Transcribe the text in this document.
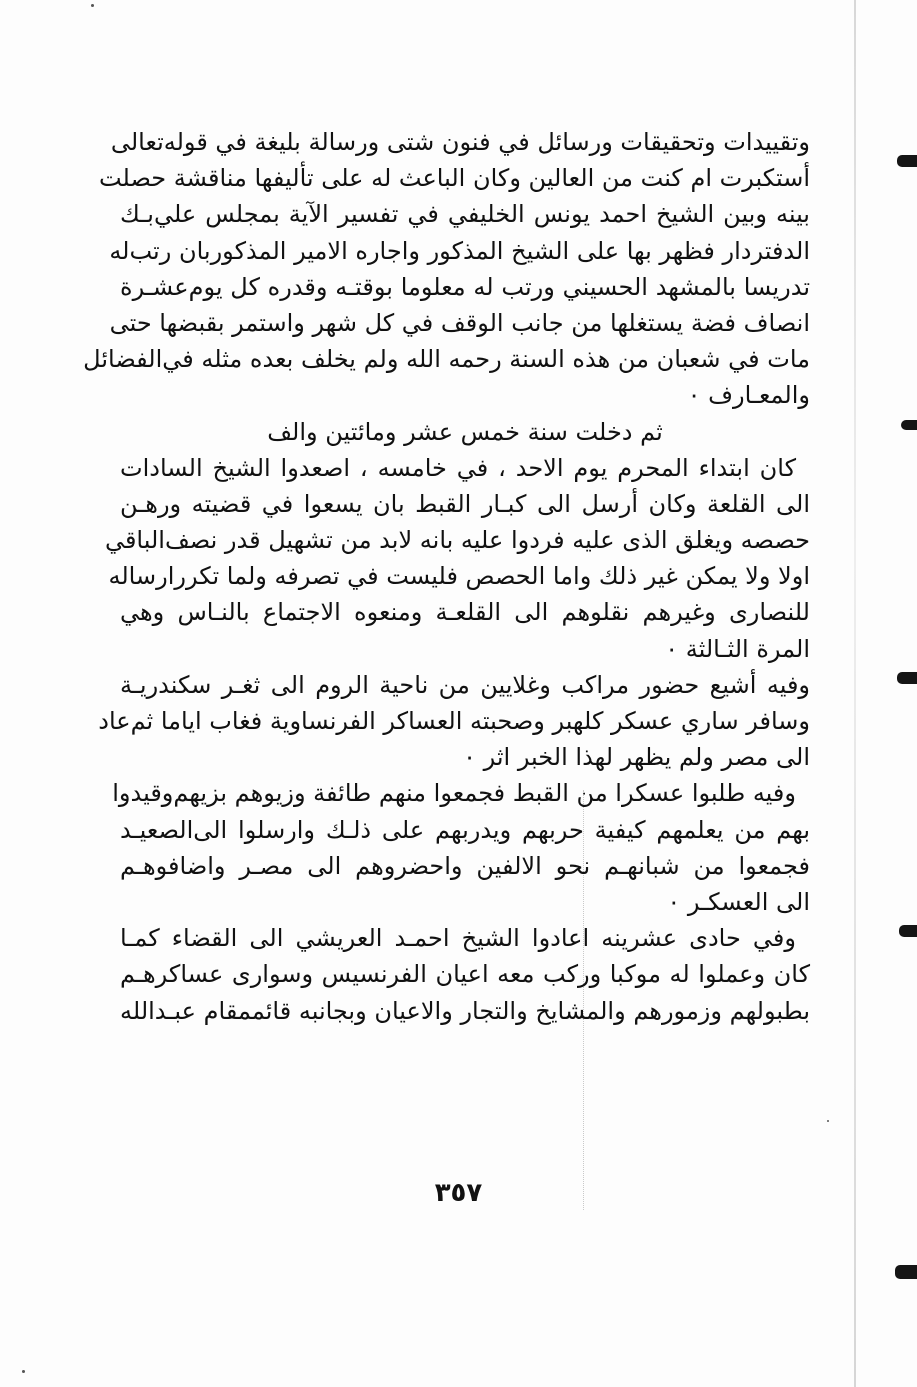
وتقييدات وتحقيقات ورسائل في فنون شتى ورسالة بليغة في قوله‌تعالى

أستكبرت ام كنت من العالين وكان الباعث له على تأليفها مناقشة حصلت

بينه وبين الشيخ احمد يونس الخليفي في تفسير الآية بمجلس علي‌بـك

الدفتردار فظهر بها على الشيخ المذكور واجاره الامير المذكوربان رتب‌له

تدريسا بالمشهد الحسيني ورتب له معلوما بوقتـه وقدره كل يوم‌عشـرة

انصاف فضة يستغلها من جانب الوقف في كل شهر واستمر بقبضها حتى

مات في شعبان من هذه السنة رحمه الله ولم يخلف بعده مثله في‌الفضائل

والمعـارف ٠

ثم دخلت سنة خمس عشر ومائتين والف

كان ابتداء المحرم يوم الاحد ، في خامسه ، اصعدوا الشيخ السادات

الى القلعة وكان أرسل الى كبـار القبط بان يسعوا في قضيته ورهـن

حصصه ويغلق الذى عليه فردوا عليه بانه لابد من تشهيل قدر نصف‌الباقي

اولا ولا يمكن غير ذلك واما الحصص فليست في تصرفه ولما تكررارساله

للنصارى وغيرهم نقلوهم الى القلعـة ومنعوه الاجتماع بالنـاس وهي

المرة الثـالثة ٠

وفيه أشيع حضور مراكب وغلايين من ناحية الروم الى ثغـر سكندريـة

وسافر ساري عسكر كلهبر وصحبته العساكر الفرنساوية فغاب اياما ثم‌عاد

الى مصر ولم يظهر لهذا الخبر اثر ٠

وفيه طلبوا عسكرا من القبط فجمعوا منهم طائفة وزيوهم بزيهم‌وقيدوا

بهم من يعلمهم كيفية حربهم ويدربهم على ذلـك وارسلوا الى‌الصعيـد

فجمعوا من شبانهـم نحو الالفين واحضروهم الى مصـر واضافوهـم

الى العسكـر ٠

وفي حادى عشرينه اعادوا الشيخ احمـد العريشي الى القضاء كمـا

كان وعملوا له موكبا وركب معه اعيان الفرنسيس وسوارى عساكرهـم

بطبولهم وزمورهم والمشايخ والتجار والاعيان وبجانبه قائممقام عبـدالله

٣٥٧
